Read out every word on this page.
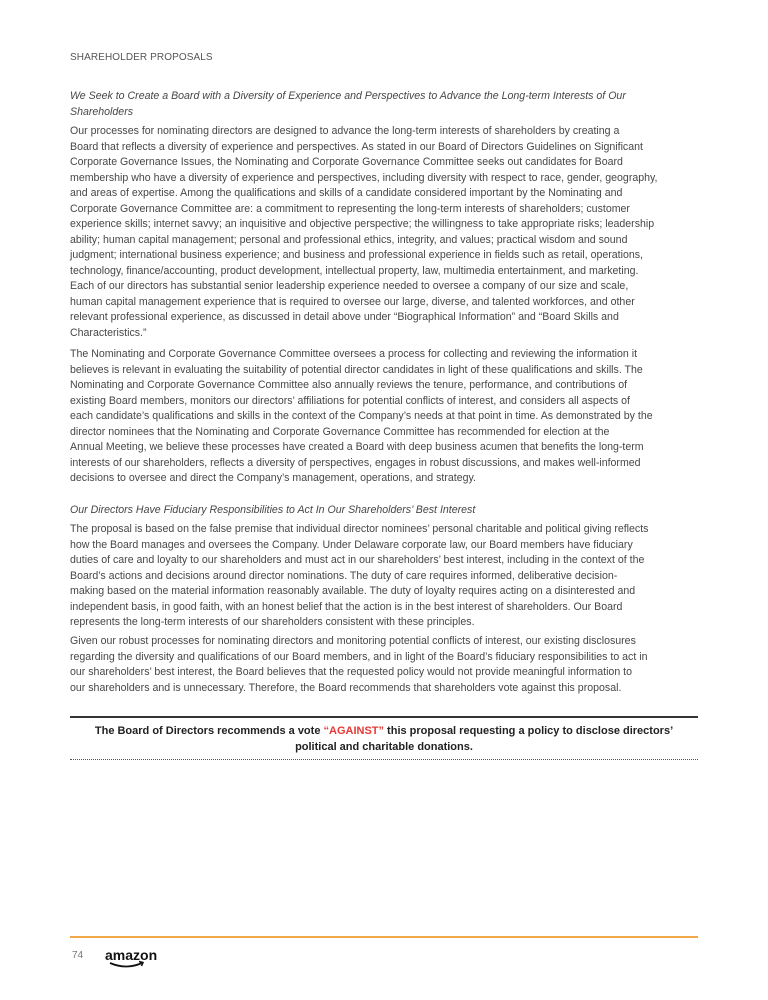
SHAREHOLDER PROPOSALS
We Seek to Create a Board with a Diversity of Experience and Perspectives to Advance the Long-term Interests of Our
Shareholders
Our processes for nominating directors are designed to advance the long-term interests of shareholders by creating a
Board that reflects a diversity of experience and perspectives. As stated in our Board of Directors Guidelines on Significant
Corporate Governance Issues, the Nominating and Corporate Governance Committee seeks out candidates for Board
membership who have a diversity of experience and perspectives, including diversity with respect to race, gender, geography,
and areas of expertise. Among the qualifications and skills of a candidate considered important by the Nominating and
Corporate Governance Committee are: a commitment to representing the long-term interests of shareholders; customer
experience skills; internet savvy; an inquisitive and objective perspective; the willingness to take appropriate risks; leadership
ability; human capital management; personal and professional ethics, integrity, and values; practical wisdom and sound
judgment; international business experience; and business and professional experience in fields such as retail, operations,
technology, finance/accounting, product development, intellectual property, law, multimedia entertainment, and marketing.
Each of our directors has substantial senior leadership experience needed to oversee a company of our size and scale,
human capital management experience that is required to oversee our large, diverse, and talented workforces, and other
relevant professional experience, as discussed in detail above under “Biographical Information” and “Board Skills and
Characteristics.”
The Nominating and Corporate Governance Committee oversees a process for collecting and reviewing the information it
believes is relevant in evaluating the suitability of potential director candidates in light of these qualifications and skills. The
Nominating and Corporate Governance Committee also annually reviews the tenure, performance, and contributions of
existing Board members, monitors our directors’ affiliations for potential conflicts of interest, and considers all aspects of
each candidate’s qualifications and skills in the context of the Company’s needs at that point in time. As demonstrated by the
director nominees that the Nominating and Corporate Governance Committee has recommended for election at the
Annual Meeting, we believe these processes have created a Board with deep business acumen that benefits the long-term
interests of our shareholders, reflects a diversity of perspectives, engages in robust discussions, and makes well-informed
decisions to oversee and direct the Company’s management, operations, and strategy.
Our Directors Have Fiduciary Responsibilities to Act In Our Shareholders’ Best Interest
The proposal is based on the false premise that individual director nominees’ personal charitable and political giving reflects
how the Board manages and oversees the Company. Under Delaware corporate law, our Board members have fiduciary
duties of care and loyalty to our shareholders and must act in our shareholders’ best interest, including in the context of the
Board’s actions and decisions around director nominations. The duty of care requires informed, deliberative decision-
making based on the material information reasonably available. The duty of loyalty requires acting on a disinterested and
independent basis, in good faith, with an honest belief that the action is in the best interest of shareholders. Our Board
represents the long-term interests of our shareholders consistent with these principles.
Given our robust processes for nominating directors and monitoring potential conflicts of interest, our existing disclosures
regarding the diversity and qualifications of our Board members, and in light of the Board’s fiduciary responsibilities to act in
our shareholders’ best interest, the Board believes that the requested policy would not provide meaningful information to
our shareholders and is unnecessary. Therefore, the Board recommends that shareholders vote against this proposal.
The Board of Directors recommends a vote “AGAINST” this proposal requesting a policy to disclose directors’
political and charitable donations.
74 amazon
